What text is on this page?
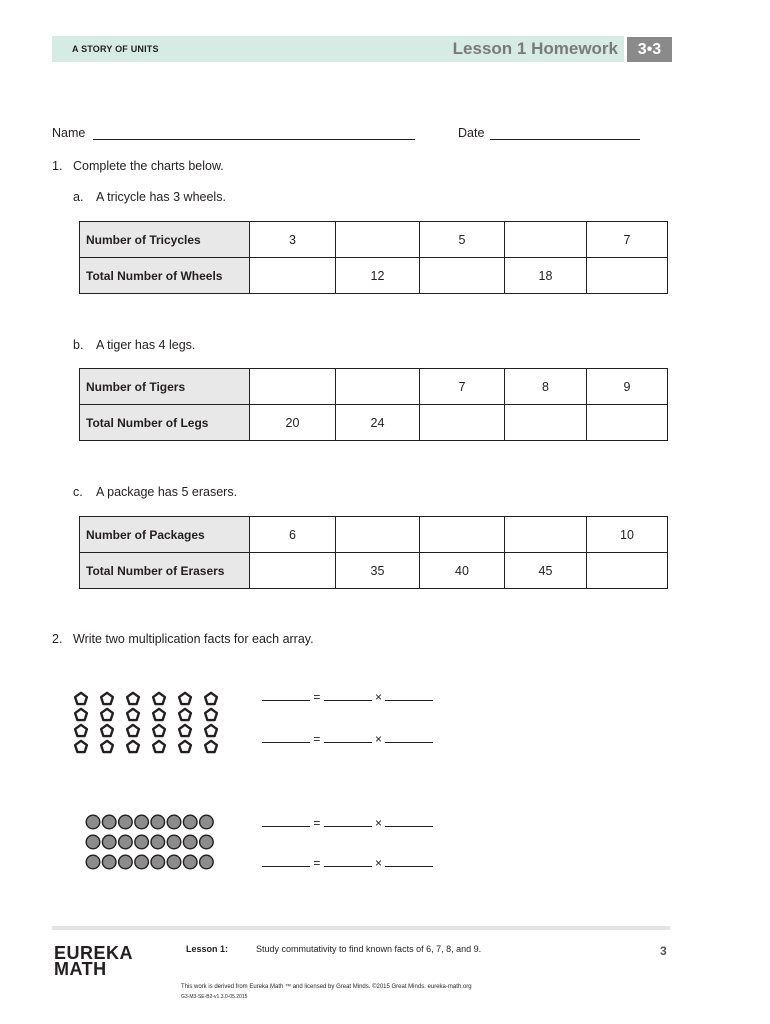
A STORY OF UNITS	Lesson 1 Homework	3•3
Name	Date
1. Complete the charts below.
a. A tricycle has 3 wheels.
Number of Tricycles	3		5		7
Total Number of Wheels		12		18	
b. A tiger has 4 legs.
Number of Tigers			7	8	9
Total Number of Legs	20	24			
c. A package has 5 erasers.
Number of Packages	6				10
Total Number of Erasers		35	40	45	
2. Write two multiplication facts for each array.
=	×
=	×
=	×
=	×
EUREKA
MATH
Lesson 1:	Study commutativity to find known facts of 6, 7, 8, and 9.	3
This work is derived from Eureka Math ™ and licensed by Great Minds. ©2015 Great Minds. eureka-math.org
G3-M3-SE-B2-v1.3.0-05.2015
